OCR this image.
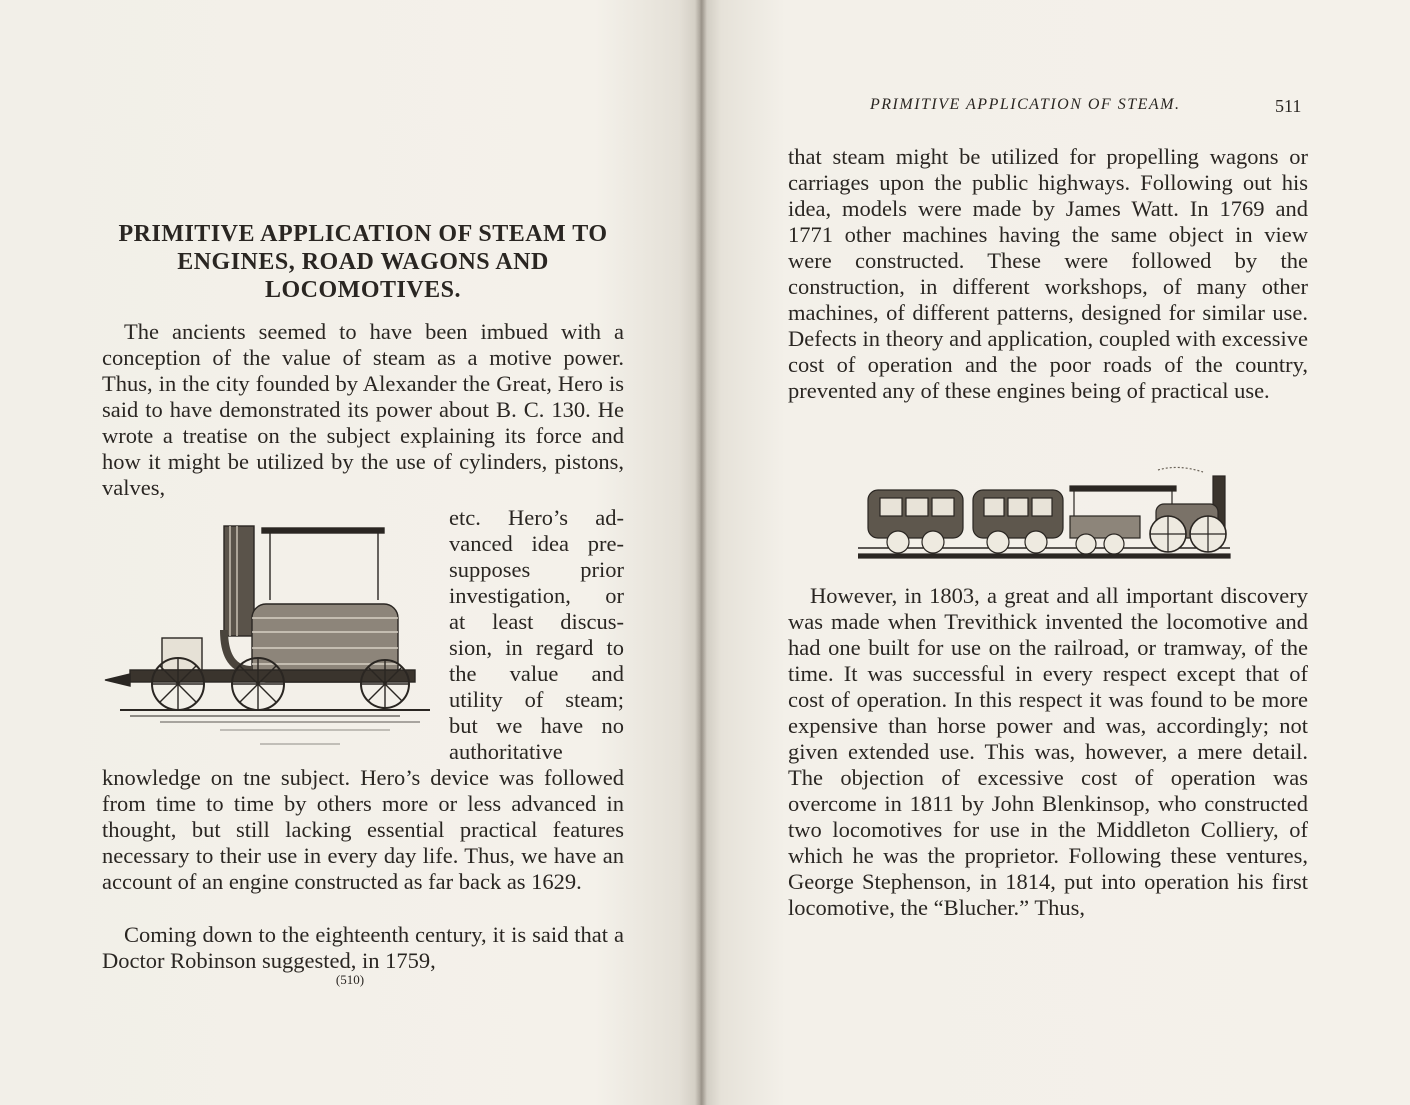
PRIMITIVE APPLICATION OF STEAM TO ENGINES, ROAD WAGONS AND LOCOMOTIVES.

The ancients seemed to have been imbued with a conception of the value of steam as a motive power. Thus, in the city founded by Alexander the Great, Hero is said to have demonstrated its power about B. C. 130. He wrote a treatise on the subject explaining its force and how it might be utilized by the use of cylinders, pistons, valves,

etc. Hero’s ad-
vanced idea pre-
supposes prior
investigation, or
at least discus-
sion, in regard to
the value and
utility of steam;
but we have no
authoritative

knowledge on tne subject. Hero’s device was followed from time to time by others more or less advanced in thought, but still lacking essential practical features necessary to their use in every day life. Thus, we have an account of an engine constructed as far back as 1629.

Coming down to the eighteenth century, it is said that a Doctor Robinson suggested, in 1759,

(510)

PRIMITIVE APPLICATION OF STEAM.	511

that steam might be utilized for propelling wagons or carriages upon the public highways. Following out his idea, models were made by James Watt. In 1769 and 1771 other machines having the same object in view were constructed. These were followed by the construction, in different workshops, of many other machines, of different patterns, designed for similar use. Defects in theory and application, coupled with excessive cost of operation and the poor roads of the country, prevented any of these engines being of practical use.

However, in 1803, a great and all important discovery was made when Trevithick invented the locomotive and had one built for use on the railroad, or tramway, of the time. It was successful in every respect except that of cost of operation. In this respect it was found to be more expensive than horse power and was, accordingly; not given extended use. This was, however, a mere detail. The objection of excessive cost of operation was overcome in 1811 by John Blenkinsop, who constructed two locomotives for use in the Middleton Colliery, of which he was the proprietor. Following these ventures, George Stephenson, in 1814, put into operation his first locomotive, the “Blucher.” Thus,
